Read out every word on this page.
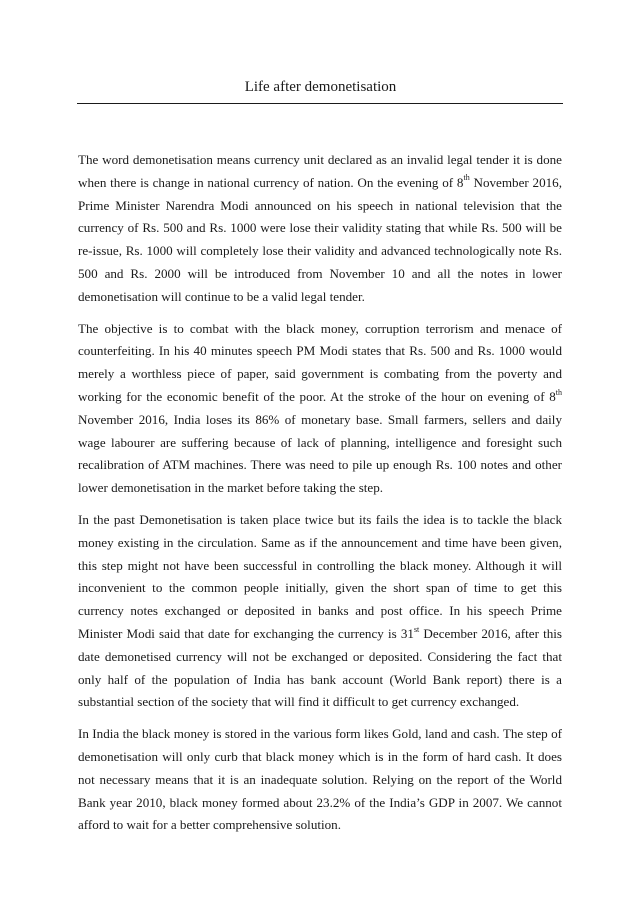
Life after demonetisation

The word demonetisation means currency unit declared as an invalid legal tender it is done when there is change in national currency of nation. On the evening of 8th November 2016, Prime Minister Narendra Modi announced on his speech in national television that the currency of Rs. 500 and Rs. 1000 were lose their validity stating that while Rs. 500 will be re-issue, Rs. 1000 will completely lose their validity and advanced technologically note Rs. 500 and Rs. 2000 will be introduced from November 10 and all the notes in lower demonetisation will continue to be a valid legal tender.

The objective is to combat with the black money, corruption terrorism and menace of counterfeiting. In his 40 minutes speech PM Modi states that Rs. 500 and Rs. 1000 would merely a worthless piece of paper, said government is combating from the poverty and working for the economic benefit of the poor. At the stroke of the hour on evening of 8th November 2016, India loses its 86% of monetary base. Small farmers, sellers and daily wage labourer are suffering because of lack of planning, intelligence and foresight such recalibration of ATM machines. There was need to pile up enough Rs. 100 notes and other lower demonetisation in the market before taking the step.

In the past Demonetisation is taken place twice but its fails the idea is to tackle the black money existing in the circulation. Same as if the announcement and time have been given, this step might not have been successful in controlling the black money. Although it will inconvenient to the common people initially, given the short span of time to get this currency notes exchanged or deposited in banks and post office. In his speech Prime Minister Modi said that date for exchanging the currency is 31st December 2016, after this date demonetised currency will not be exchanged or deposited. Considering the fact that only half of the population of India has bank account (World Bank report) there is a substantial section of the society that will find it difficult to get currency exchanged.

In India the black money is stored in the various form likes Gold, land and cash. The step of demonetisation will only curb that black money which is in the form of hard cash. It does not necessary means that it is an inadequate solution. Relying on the report of the World Bank year 2010, black money formed about 23.2% of the India’s GDP in 2007. We cannot afford to wait for a better comprehensive solution.
